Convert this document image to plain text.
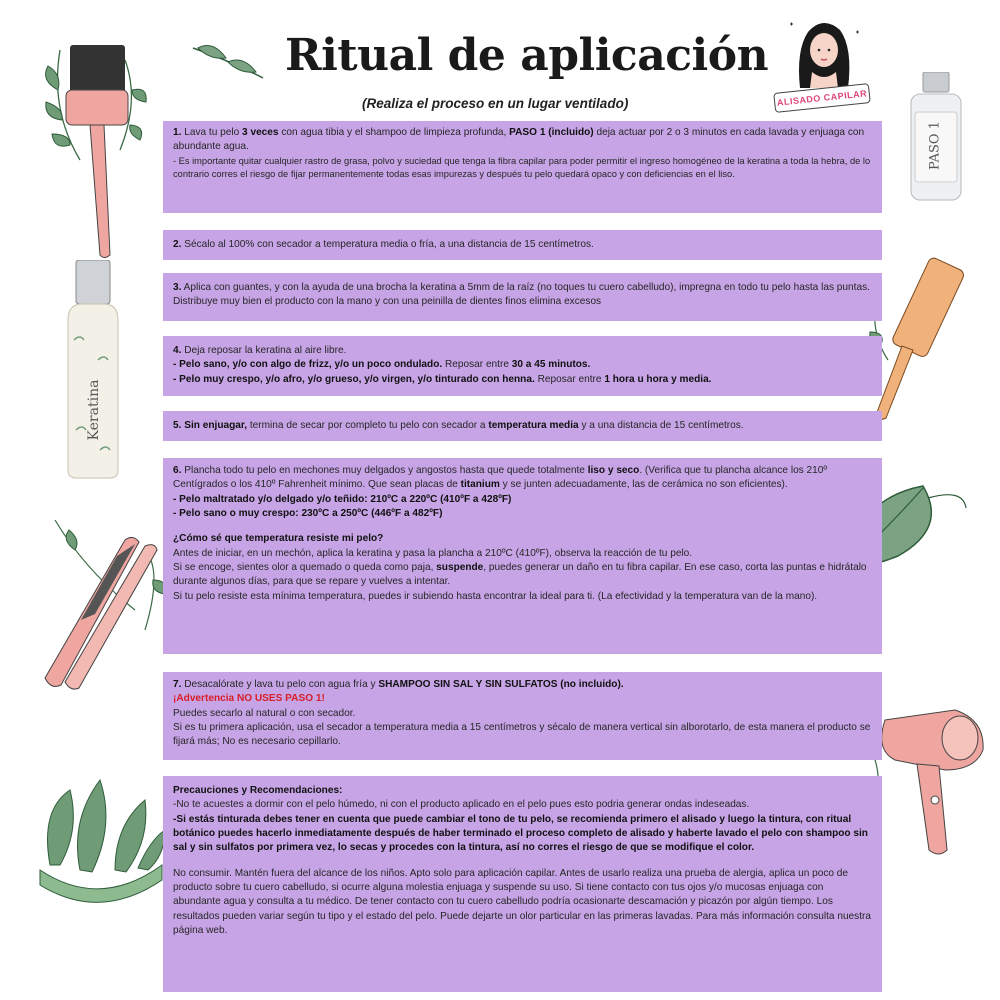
Ritual de aplicación
(Realiza el proceso en un lugar ventilado)	ALISADO CAPILAR
PASO 1
Keratina

1. Lava tu pelo 3 veces con agua tibia y el shampoo de limpieza profunda, PASO 1 (incluido) deja actuar por 2 o 3 minutos en cada lavada y enjuaga con abundante agua.

- Es importante quitar cualquier rastro de grasa, polvo y suciedad que tenga la fibra capilar para poder permitir el ingreso homogéneo de la keratina a toda la hebra, de lo contrario corres el riesgo de fijar permanentemente todas esas impurezas y después tu pelo quedará opaco y con deficiencias en el liso.

2. Sécalo al 100% con secador a temperatura media o fría, a una distancia de 15 centímetros.

3. Aplica con guantes, y con la ayuda de una brocha la keratina a 5mm de la raíz (no toques tu cuero cabelludo), impregna en todo tu pelo hasta las puntas. Distribuye muy bien el producto con la mano y con una peinilla de dientes finos elimina excesos

4. Deja reposar la keratina al aire libre.

- Pelo sano, y/o con algo de frizz, y/o un poco ondulado. Reposar entre 30 a 45 minutos.

- Pelo muy crespo, y/o afro, y/o grueso, y/o virgen, y/o tinturado con henna. Reposar entre 1 hora u hora y media.

5. Sin enjuagar, termina de secar por completo tu pelo con secador a temperatura media y a una distancia de 15 centímetros.

6. Plancha todo tu pelo en mechones muy delgados y angostos hasta que quede totalmente liso y seco. (Verifica que tu plancha alcance los 210º Centígrados o los 410º Fahrenheit mínimo. Que sean placas de titanium y se junten adecuadamente, las de cerámica no son eficientes).

- Pelo maltratado y/o delgado y/o teñido: 210ºC a 220ºC (410ºF a 428ºF)

- Pelo sano o muy crespo: 230ºC a 250ºC (446ºF a 482ºF)

¿Cómo sé que temperatura resiste mi pelo?

Antes de iniciar, en un mechón, aplica la keratina y pasa la plancha a 210ºC (410ºF), observa la reacción de tu pelo.

Si se encoge, sientes olor a quemado o queda como paja, suspende, puedes generar un daño en tu fibra capilar. En ese caso, corta las puntas e hidrátalo durante algunos días, para que se repare y vuelves a intentar.

Si tu pelo resiste esta mínima temperatura, puedes ir subiendo hasta encontrar la ideal para ti. (La efectividad y la temperatura van de la mano).

7. Desacalórate y lava tu pelo con agua fría y SHAMPOO SIN SAL Y SIN SULFATOS (no incluido).

¡Advertencia NO USES PASO 1!

Puedes secarlo al natural o con secador.

Si es tu primera aplicación, usa el secador a temperatura media a 15 centímetros y sécalo de manera vertical sin alborotarlo, de esta manera el producto se fijará más; No es necesario cepillarlo.

Precauciones y Recomendaciones:

-No te acuestes a dormir con el pelo húmedo, ni con el producto aplicado en el pelo pues esto podria generar ondas indeseadas.

-Si estás tinturada debes tener en cuenta que puede cambiar el tono de tu pelo, se recomienda primero el alisado y luego la tintura, con ritual botánico puedes hacerlo inmediatamente después de haber terminado el proceso completo de alisado y haberte lavado el pelo con shampoo sin sal y sin sulfatos por primera vez, lo secas y procedes con la tintura, así no corres el riesgo de que se modifique el color.

No consumir. Mantén fuera del alcance de los niños. Apto solo para aplicación capilar. Antes de usarlo realiza una prueba de alergia, aplica un poco de producto sobre tu cuero cabelludo, si ocurre alguna molestia enjuaga y suspende su uso. Si tiene contacto con tus ojos y/o mucosas enjuaga con abundante agua y consulta a tu médico. De tener contacto con tu cuero cabelludo podría ocasionarte descamación y picazón por algún tiempo. Los resultados pueden variar según tu tipo y el estado del pelo. Puede dejarte un olor particular en las primeras lavadas. Para más información consulta nuestra página web.
